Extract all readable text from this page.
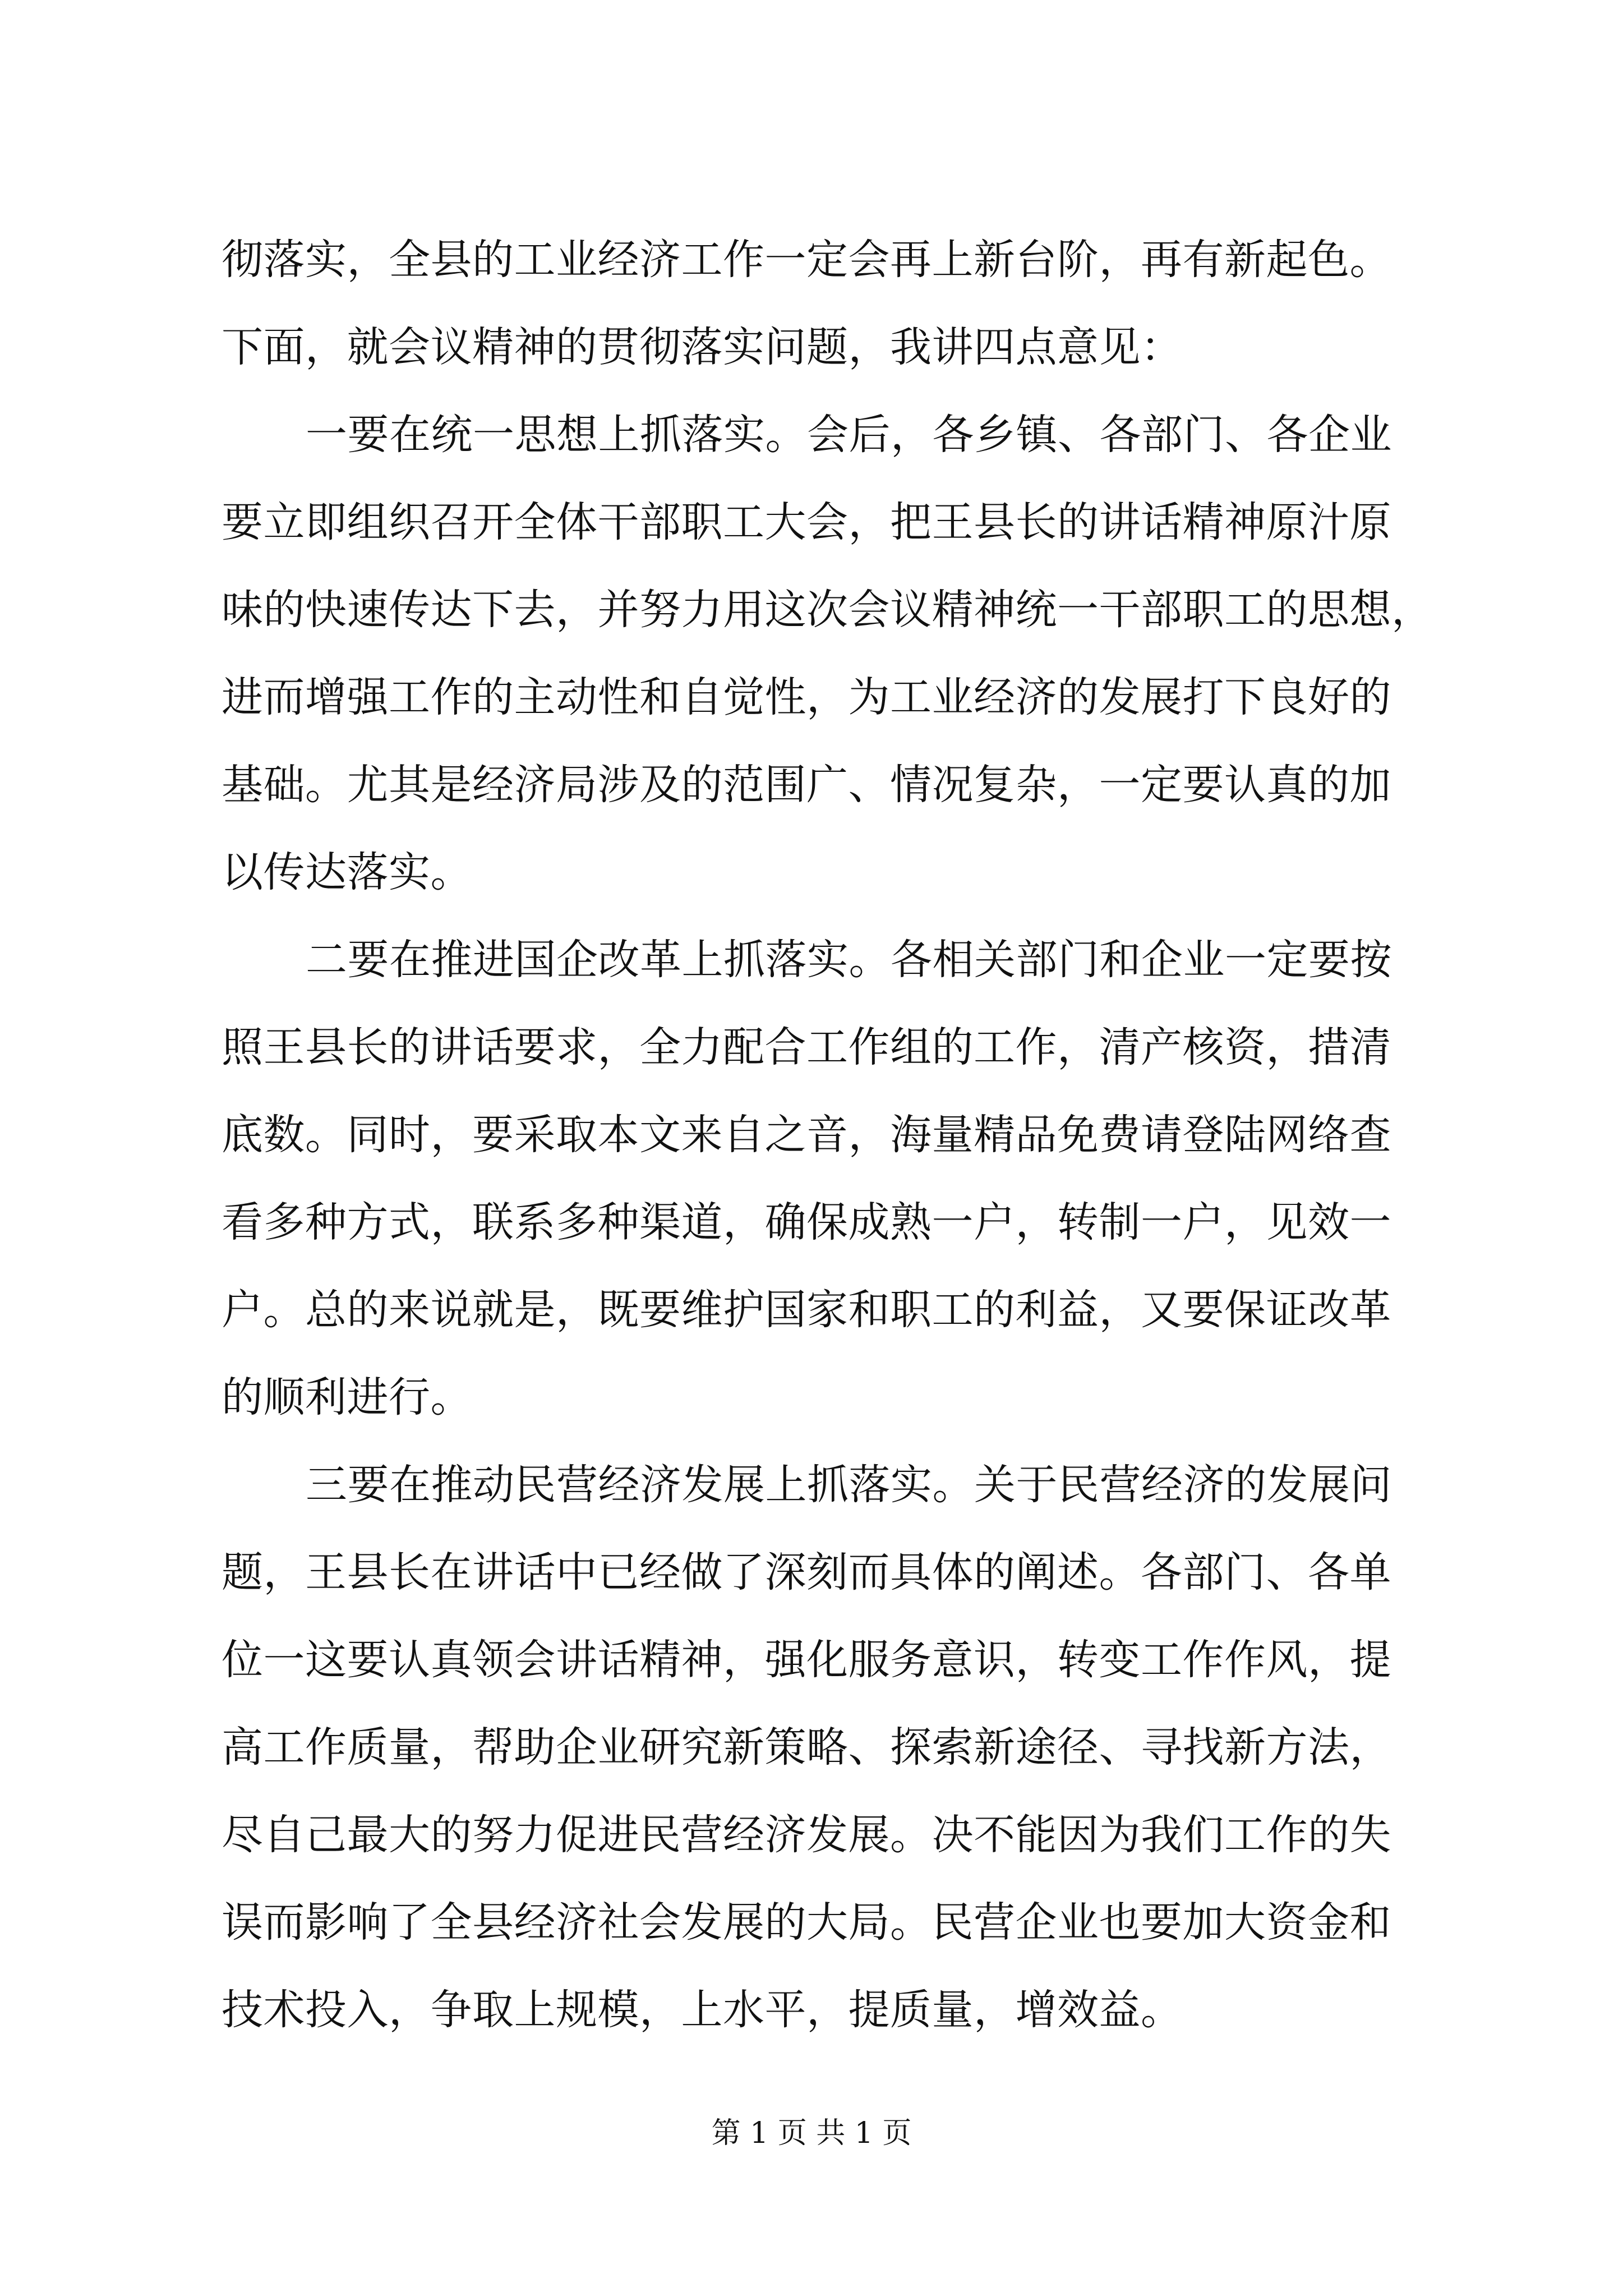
彻落实，全县的工业经济工作一定会再上新台阶，再有新起色。
下面，就会议精神的贯彻落实问题，我讲四点意见：
一要在统一思想上抓落实。会后，各乡镇、各部门、各企业
要立即组织召开全体干部职工大会，把王县长的讲话精神原汁原
味的快速传达下去，并努力用这次会议精神统一干部职工的思想，
进而增强工作的主动性和自觉性，为工业经济的发展打下良好的
基础。尤其是经济局涉及的范围广、情况复杂，一定要认真的加
以传达落实。
二要在推进国企改革上抓落实。各相关部门和企业一定要按
照王县长的讲话要求，全力配合工作组的工作，清产核资，措清
底数。同时，要采取本文来自之音，海量精品免费请登陆网络查
看多种方式，联系多种渠道，确保成熟一户，转制一户，见效一
户。总的来说就是，既要维护国家和职工的利益，又要保证改革
的顺利进行。
三要在推动民营经济发展上抓落实。关于民营经济的发展问
题，王县长在讲话中已经做了深刻而具体的阐述。各部门、各单
位一这要认真领会讲话精神，强化服务意识，转变工作作风，提
高工作质量，帮助企业研究新策略、探索新途径、寻找新方法，
尽自己最大的努力促进民营经济发展。决不能因为我们工作的失
误而影响了全县经济社会发展的大局。民营企业也要加大资金和
技术投入，争取上规模，上水平，提质量，增效益。
第 1 页 共 1 页
